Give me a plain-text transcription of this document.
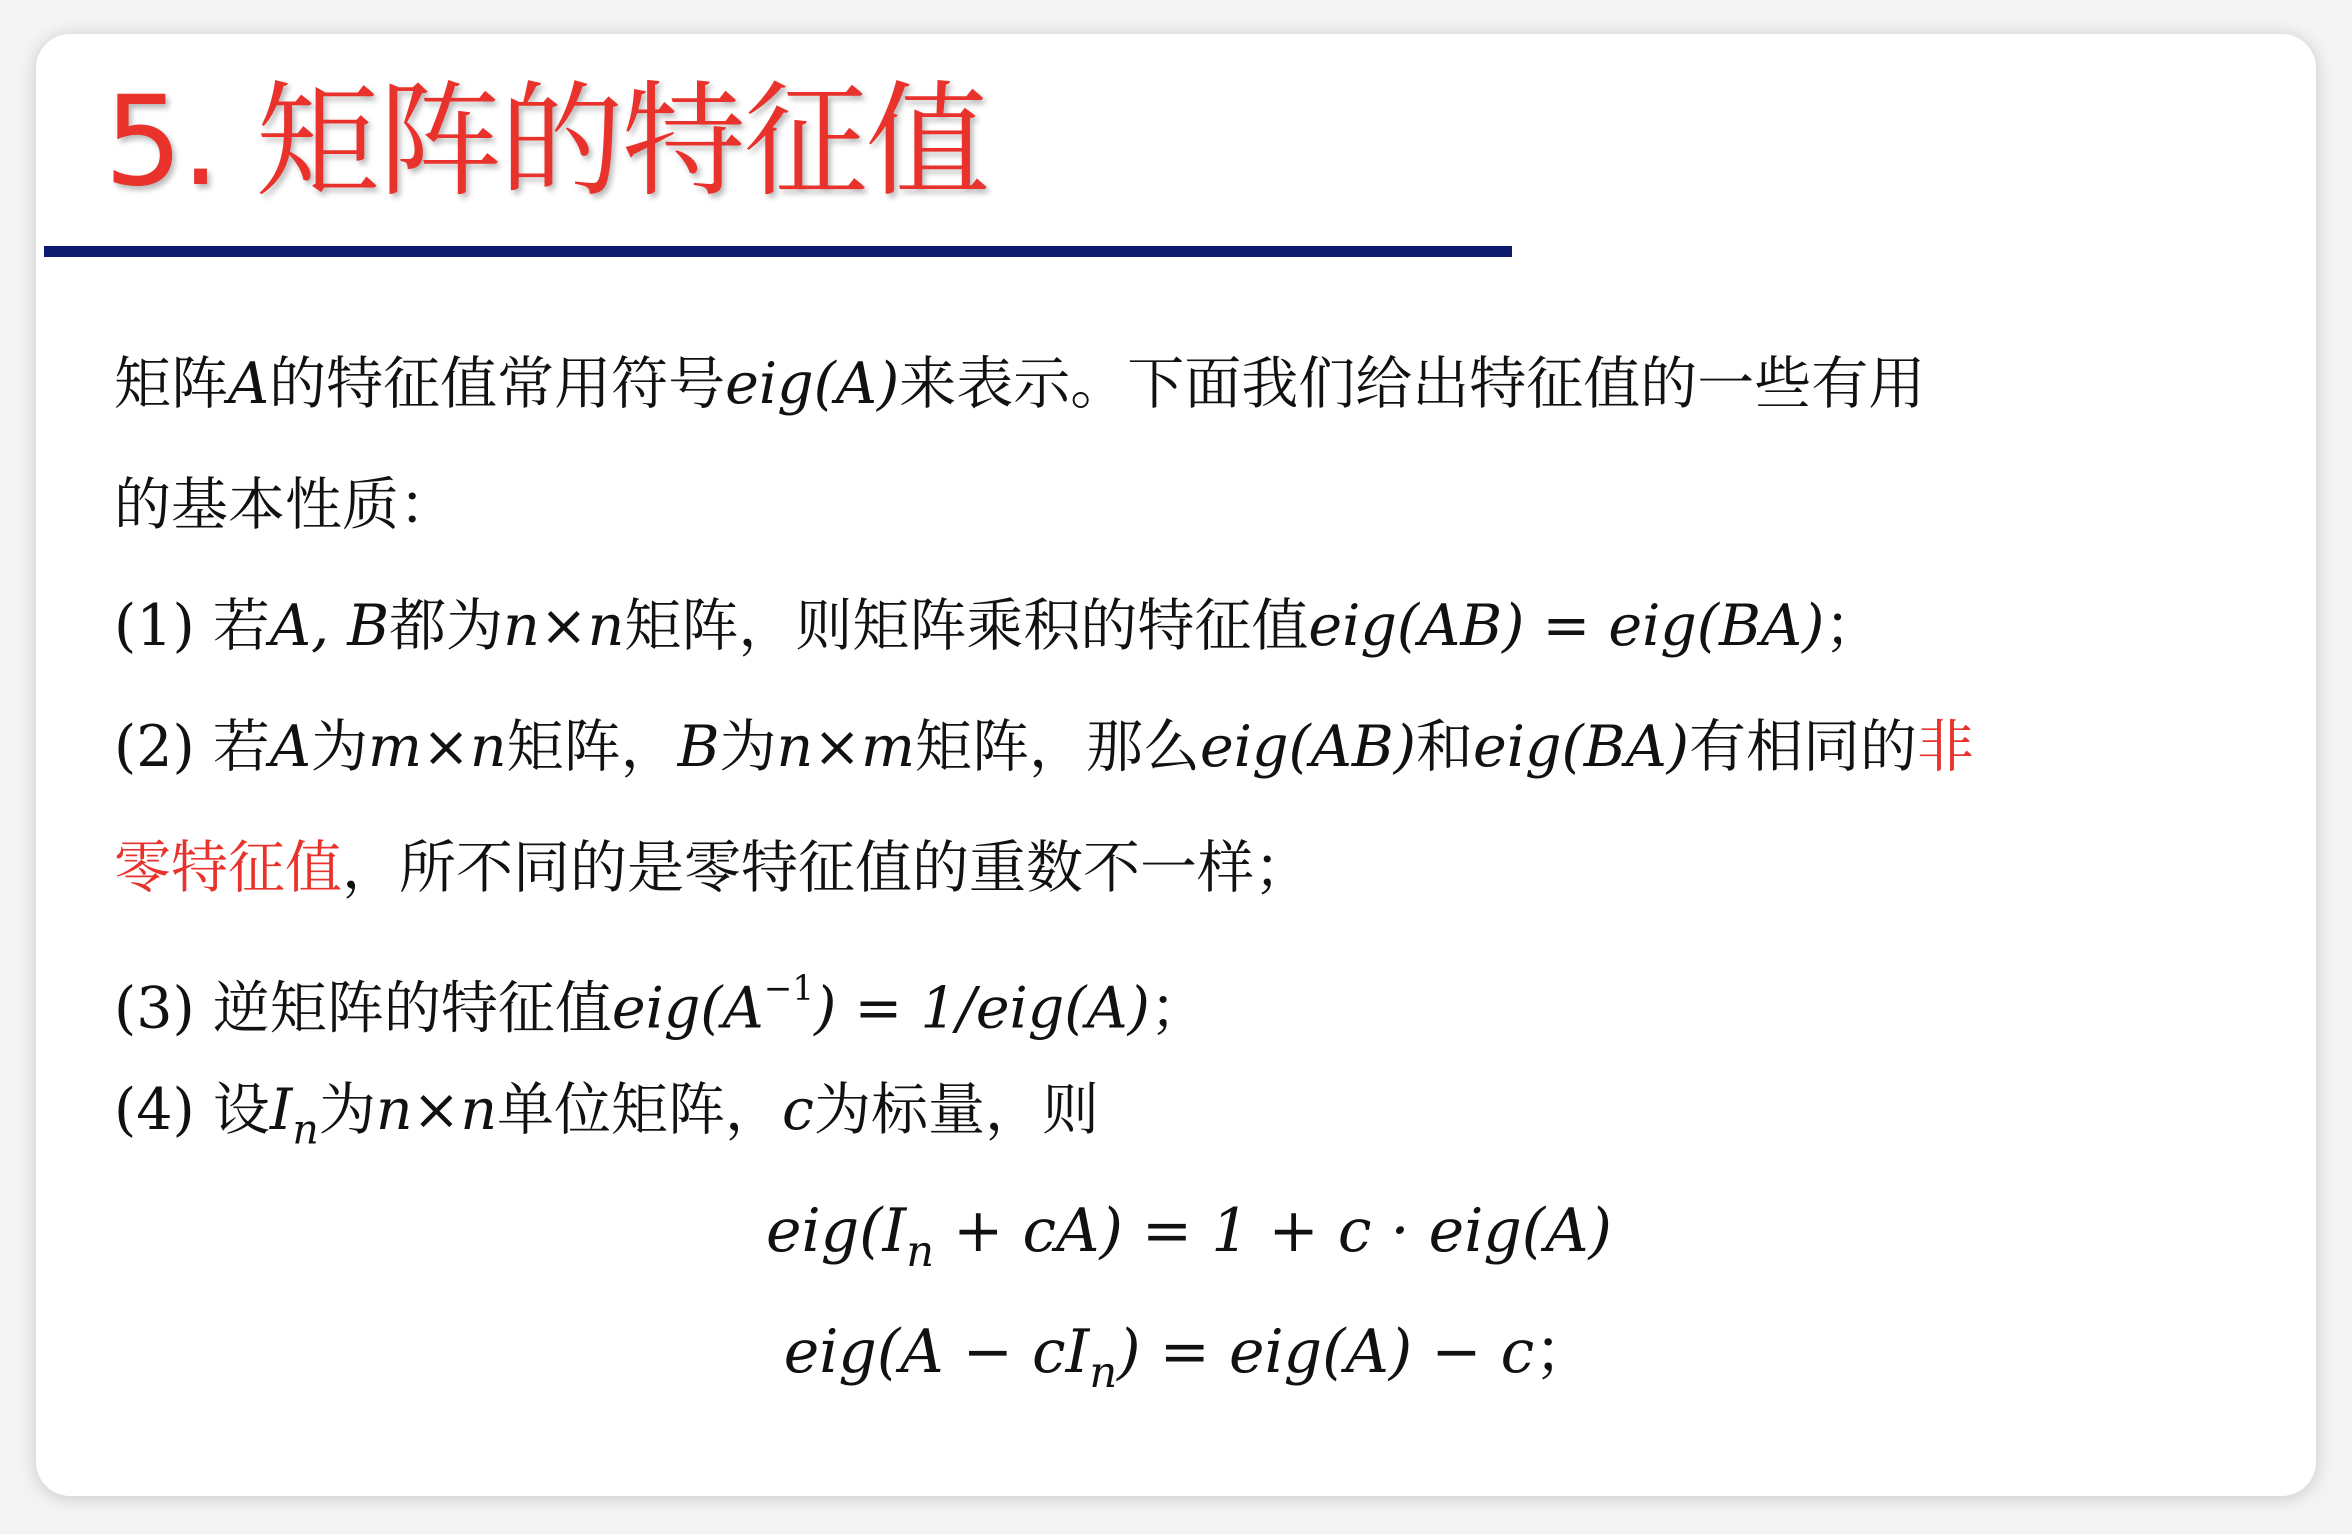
5. 矩阵的特征值
矩阵A的特征值常用符号eig(A)来表示。下面我们给出特征值的一些有用
的基本性质：
(1) 若A, B都为n×n矩阵，则矩阵乘积的特征值eig(AB) = eig(BA)；
(2) 若A为m×n矩阵，B为n×m矩阵，那么eig(AB)和eig(BA)有相同的非
零特征值，所不同的是零特征值的重数不一样；
(3) 逆矩阵的特征值$eig(A^{-1}) = 1/eig(A)$；
(4) 设$I_n$为n×n单位矩阵，c为标量，则
$eig(I_n + cA) = 1 + c \cdot eig(A)$
$eig(A - cI_n) = eig(A) - c$；
